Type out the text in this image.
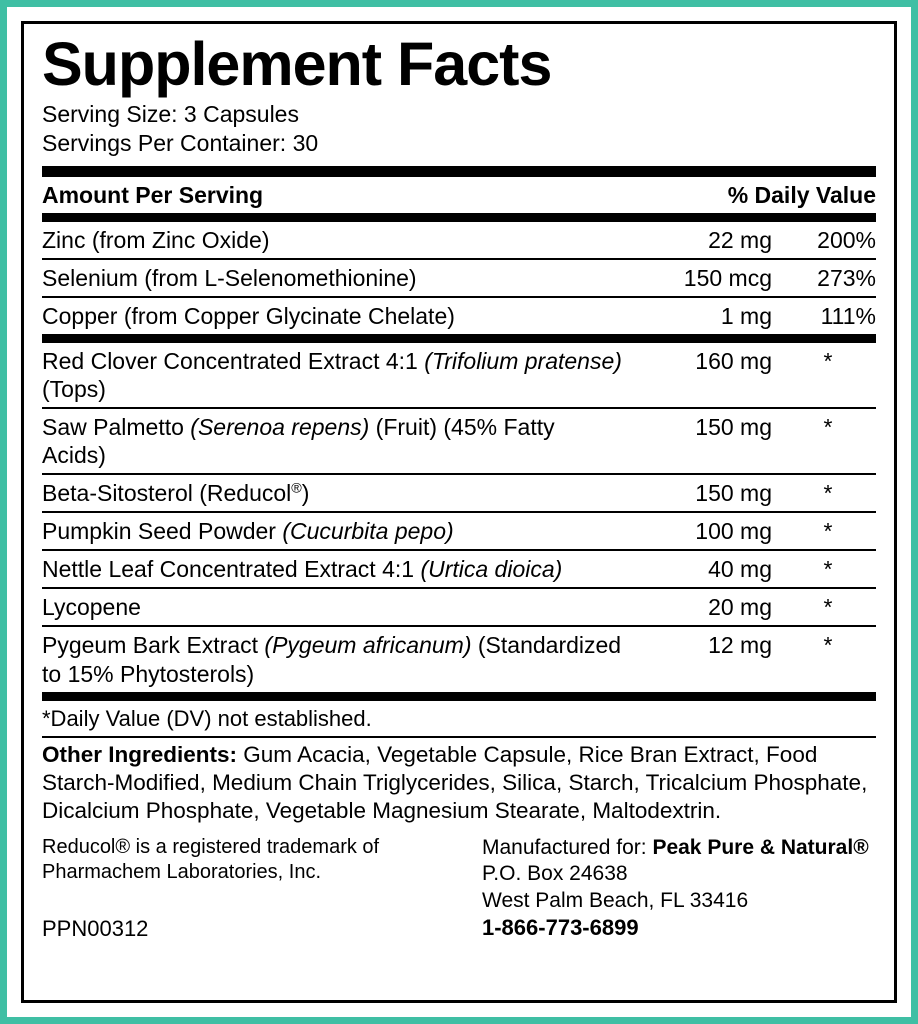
Supplement Facts
Serving Size: 3 Capsules
Servings Per Container: 30
Amount Per Serving	% Daily Value	
Zinc (from Zinc Oxide)	22 mg	200%
Selenium (from L-Selenomethionine)	150 mcg	273%
Copper (from Copper Glycinate Chelate)	1 mg	111%
Red Clover Concentrated Extract 4:1 (Trifolium pratense) (Tops)	160 mg	*
Saw Palmetto (Serenoa repens) (Fruit) (45% Fatty Acids)	150 mg	*
Beta-Sitosterol (Reducol®)	150 mg	*
Pumpkin Seed Powder (Cucurbita pepo)	100 mg	*
Nettle Leaf Concentrated Extract 4:1 (Urtica dioica)	40 mg	*
Lycopene	20 mg	*
Pygeum Bark Extract (Pygeum africanum) (Standardized to 15% Phytosterols)	12 mg	*
*Daily Value (DV) not established.
Other Ingredients: Gum Acacia, Vegetable Capsule, Rice Bran Extract, Food Starch-Modified, Medium Chain Triglycerides, Silica, Starch, Tricalcium Phosphate, Dicalcium Phosphate, Vegetable Magnesium Stearate, Maltodextrin.
Reducol® is a registered trademark of Pharmachem Laboratories, Inc.
PPN00312
Manufactured for: Peak Pure & Natural®
P.O. Box 24638
West Palm Beach, FL 33416
1-866-773-6899
